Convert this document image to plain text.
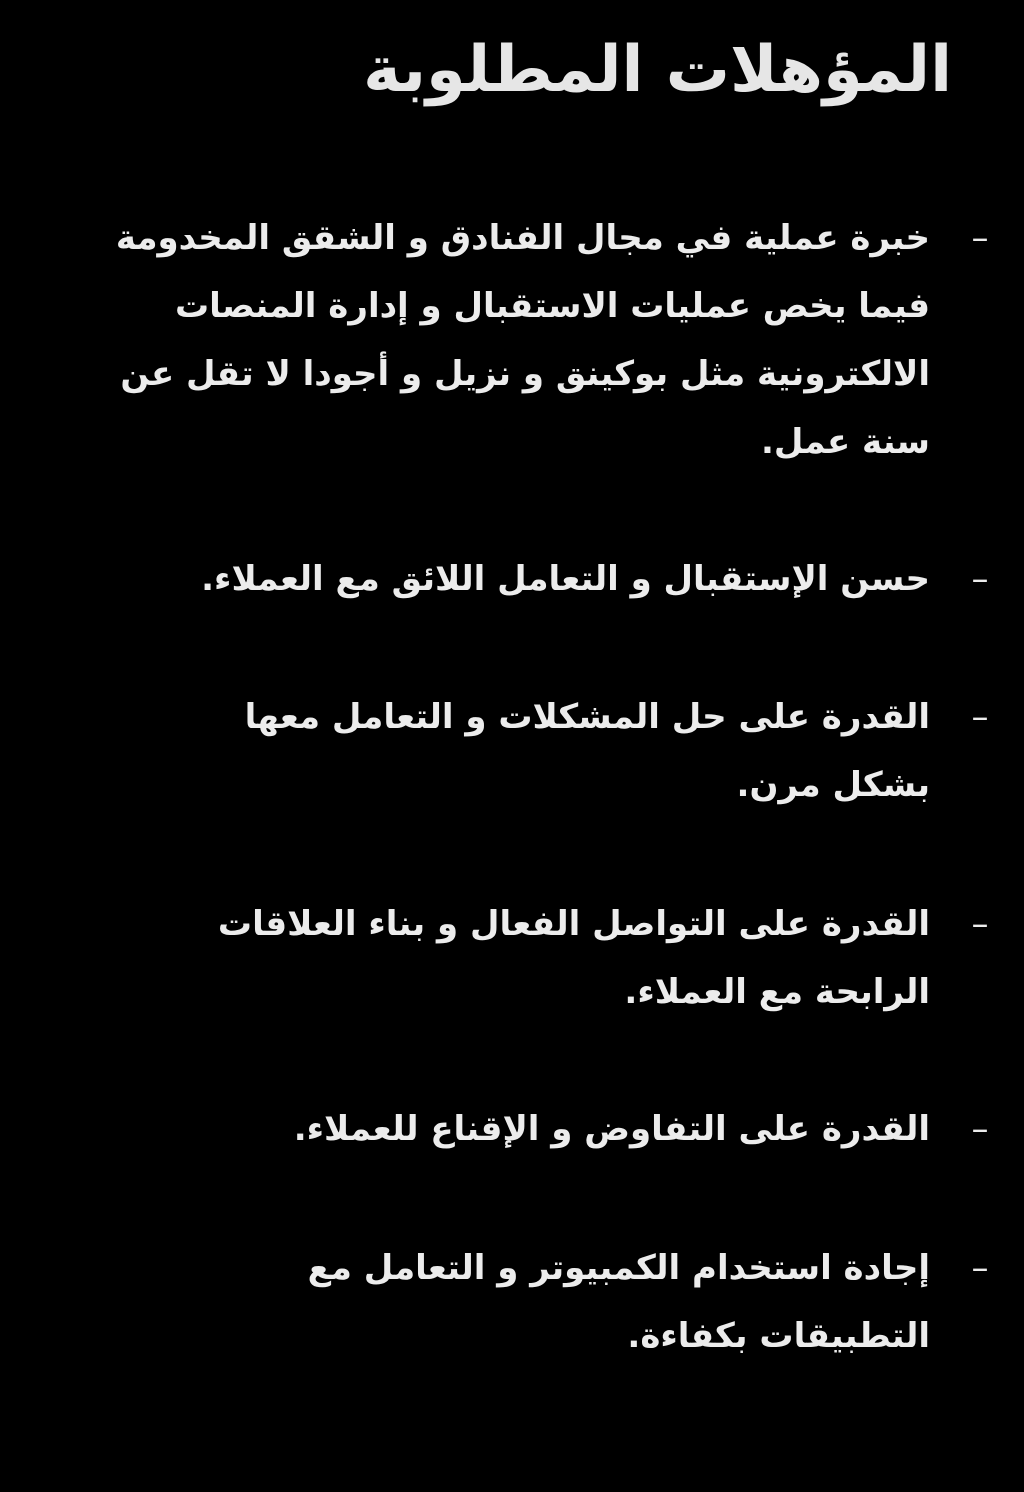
المؤهلات المطلوبة
–
خبرة عملية في مجال الفنادق و الشقق المخدومة فيما يخص عمليات الاستقبال و إدارة المنصات الالكترونية مثل بوكينق و نزيل و أجودا لا تقل عن سنة عمل.
–
حسن الإستقبال و التعامل اللائق مع العملاء.
–
القدرة على حل المشكلات و التعامل معها بشكل مرن.
–
القدرة على التواصل الفعال و بناء العلاقات الرابحة مع العملاء.
–
القدرة على التفاوض و الإقناع للعملاء.
–
إجادة استخدام الكمبيوتر و التعامل مع التطبيقات بكفاءة.
